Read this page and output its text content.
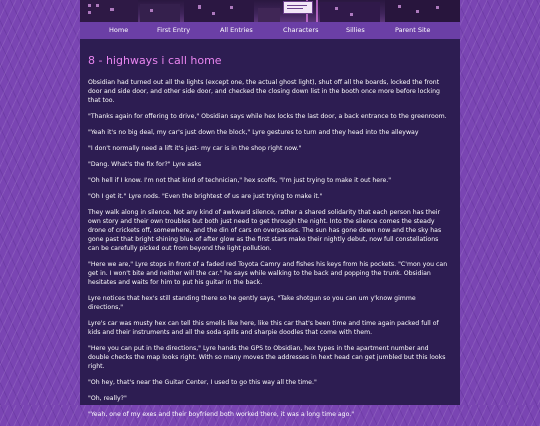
Home	First Entry	All Entries	Characters	Sillies	Parent Site
8 - highways i call home

Obsidian had turned out all the lights (except one, the actual ghost light), shut off all the boards, locked the front door and side door, and other side door, and checked the closing down list in the booth once more before locking that too.

"Thanks again for offering to drive," Obsidian says while hex locks the last door, a back entrance to the greenroom.

"Yeah it's no big deal, my car's just down the block," Lyre gestures to turn and they head into the alleyway

"I don't normally need a lift it's just- my car is in the shop right now."

"Dang. What's the fix for?" Lyre asks

"Oh hell if I know. I'm not that kind of technician," hex scoffs, "I'm just trying to make it out here."

"Oh I get it." Lyre nods. "Even the brightest of us are just trying to make it."

They walk along in silence. Not any kind of awkward silence, rather a shared solidarity that each person has their own story and their own troubles but both just need to get through the night. Into the silence comes the steady drone of crickets off, somewhere, and the din of cars on overpasses. The sun has gone down now and the sky has gone past that bright shining blue of after glow as the first stars make their nightly debut, now full constellations can be carefully picked out from beyond the light pollution.

"Here we are," Lyre stops in front of a faded red Toyota Camry and fishes his keys from his pockets. "C'mon you can get in. I won't bite and neither will the car." he says while walking to the back and popping the trunk. Obsidian hesitates and waits for him to put his guitar in the back.

Lyre notices that hex's still standing there so he gently says, "Take shotgun so you can um y'know gimme directions,"

Lyre's car was musty hex can tell this smells like here, like this car that's been time and time again packed full of kids and their instruments and all the soda spills and sharpie doodles that come with them.

"Here you can put in the directions," Lyre hands the GPS to Obsidian, hex types in the apartment number and double checks the map looks right. With so many moves the addresses in hext head can get jumbled but this looks right.

"Oh hey, that's near the Guitar Center, I used to go this way all the time."

"Oh, really?"

"Yeah, one of my exes and their boyfriend both worked there, it was a long time ago."
